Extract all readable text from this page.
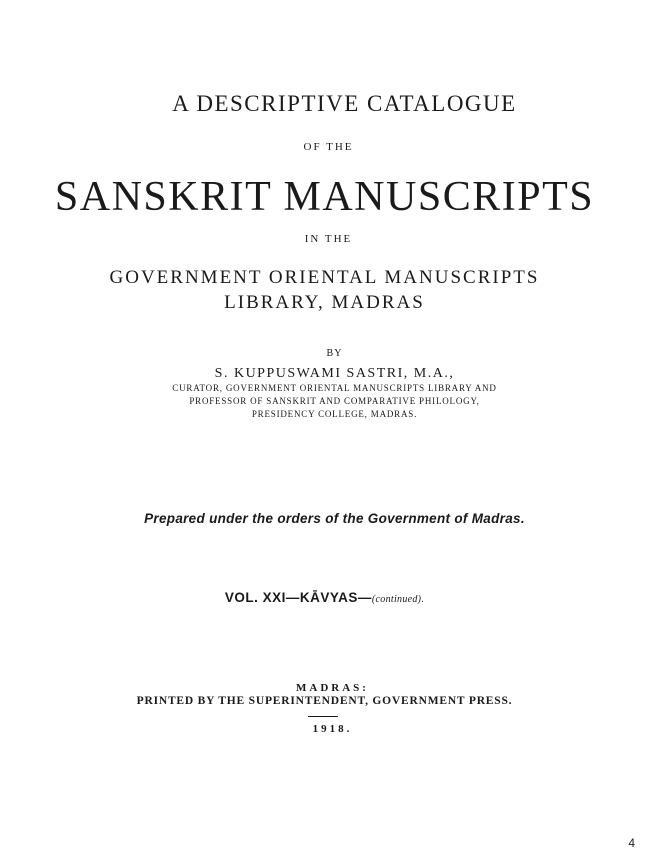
A DESCRIPTIVE CATALOGUE
OF THE
SANSKRIT MANUSCRIPTS
IN THE
GOVERNMENT ORIENTAL MANUSCRIPTS
LIBRARY, MADRAS
BY
S. KUPPUSWAMI SASTRI, M.A.,
CURATOR, GOVERNMENT ORIENTAL MANUSCRIPTS LIBRARY AND
PROFESSOR OF SANSKRIT AND COMPARATIVE PHILOLOGY,
PRESIDENCY COLLEGE, MADRAS.
Prepared under the orders of the Government of Madras.
VOL. XXI—KĀVYAS—(continued).
MADRAS:
PRINTED BY THE SUPERINTENDENT, GOVERNMENT PRESS.
1918.
4
